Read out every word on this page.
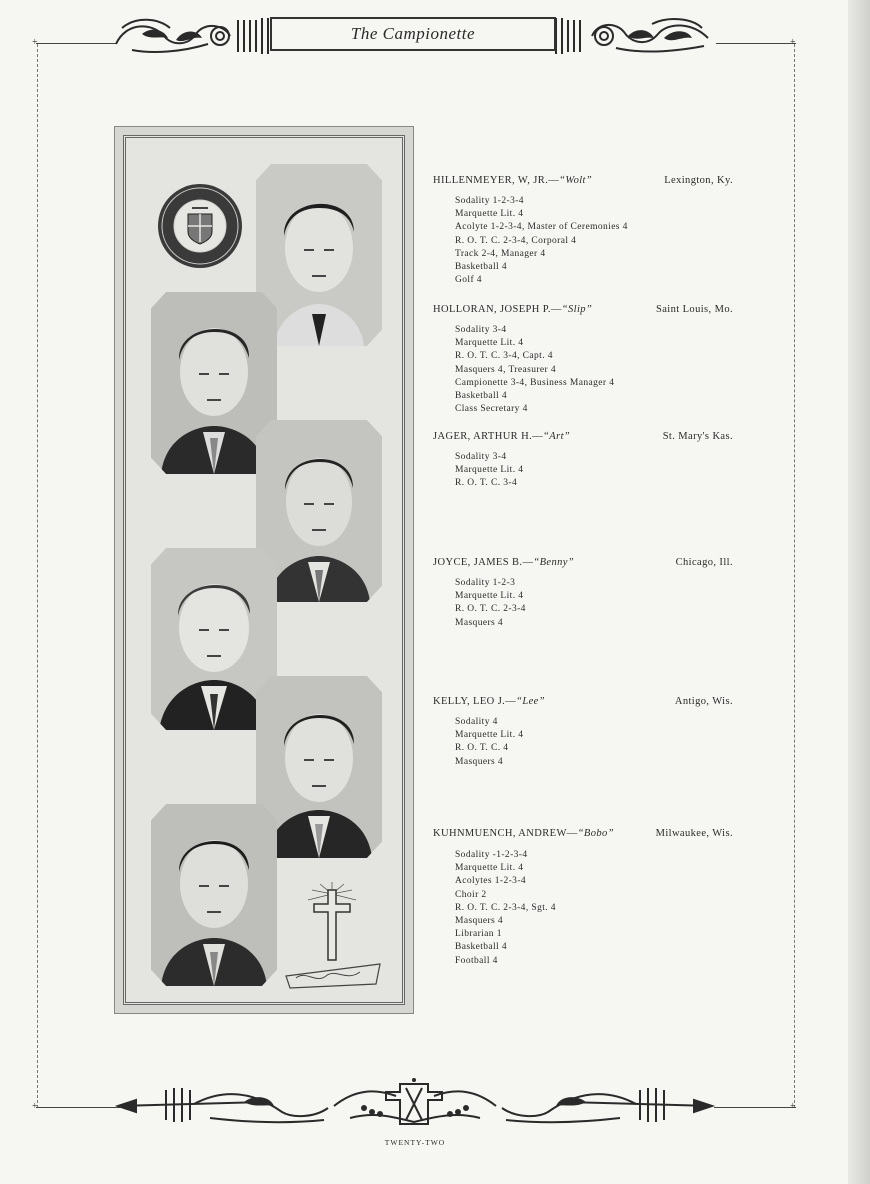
+	+
The Campionette
HILLENMEYER, W, JR.—“Wolt”	Lexington, Ky.
Sodality 1-2-3-4
Marquette Lit. 4
Acolyte 1-2-3-4, Master of Ceremonies 4
R. O. T. C. 2-3-4, Corporal 4
Track 2-4, Manager 4
Basketball 4
Golf 4
HOLLORAN, JOSEPH P.—“Slip”	Saint Louis, Mo.
Sodality 3-4
Marquette Lit. 4
R. O. T. C. 3-4, Capt. 4
Masquers 4, Treasurer 4
Campionette 3-4, Business Manager 4
Basketball 4
Class Secretary 4
JAGER, ARTHUR H.—“Art”	St. Mary's Kas.
Sodality 3-4
Marquette Lit. 4
R. O. T. C. 3-4
JOYCE, JAMES B.—“Benny”	Chicago, Ill.
Sodality 1-2-3
Marquette Lit. 4
R. O. T. C. 2-3-4
Masquers 4
KELLY, LEO J.—“Lee”	Antigo, Wis.
Sodality 4
Marquette Lit. 4
R. O. T. C. 4
Masquers 4
KUHNMUENCH, ANDREW—“Bobo”	Milwaukee, Wis.
Sodality -1-2-3-4
Marquette Lit. 4
Acolytes 1-2-3-4
Choir 2
R. O. T. C. 2-3-4, Sgt. 4
Masquers 4
Librarian 1
Basketball 4
Football 4
+	+
TWENTY-TWO
